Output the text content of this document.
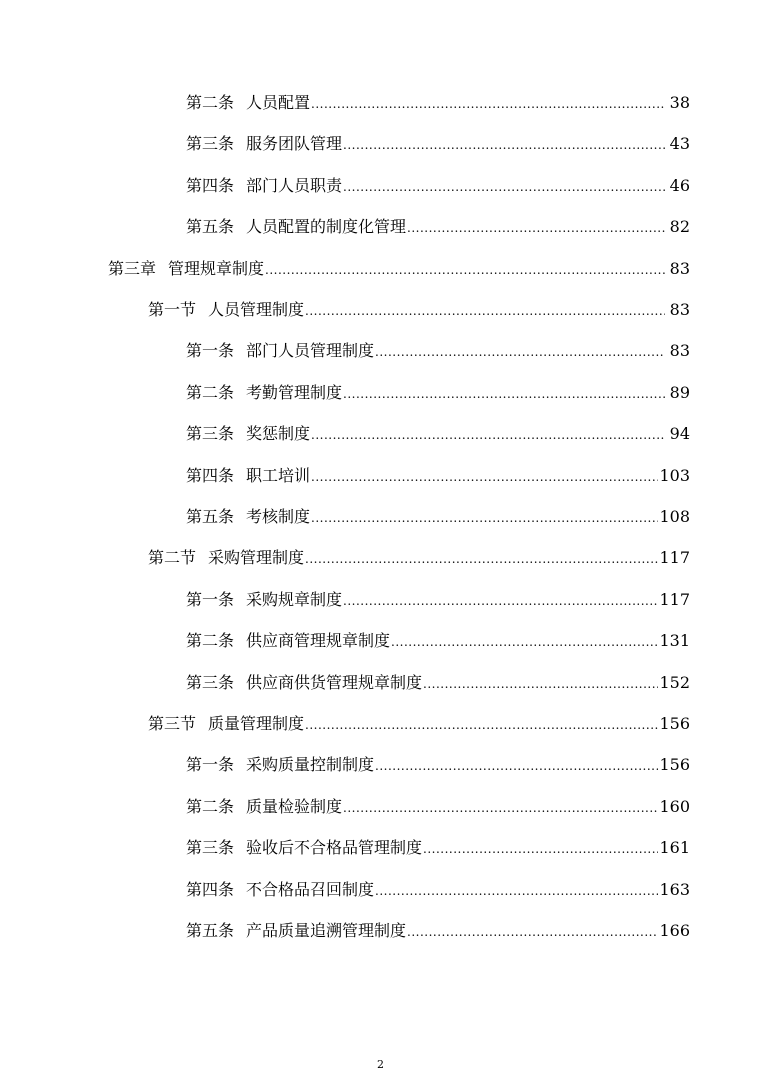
第二条 人员配置 .....	38
第三条 服务团队管理 .....	43
第四条 部门人员职责 .....	46
第五条 人员配置的制度化管理 .....	82
第三章 管理规章制度 .....	83
第一节 人员管理制度 .....	83
第一条 部门人员管理制度 .....	83
第二条 考勤管理制度 .....	89
第三条 奖惩制度 .....	94
第四条 职工培训 .....	103
第五条 考核制度 .....	108
第二节 采购管理制度 .....	117
第一条 采购规章制度 .....	117
第二条 供应商管理规章制度 .....	131
第三条 供应商供货管理规章制度 .....	152
第三节 质量管理制度 .....	156
第一条 采购质量控制制度 .....	156
第二条 质量检验制度 .....	160
第三条 验收后不合格品管理制度 .....	161
第四条 不合格品召回制度 .....	163
第五条 产品质量追溯管理制度 .....	166
2
